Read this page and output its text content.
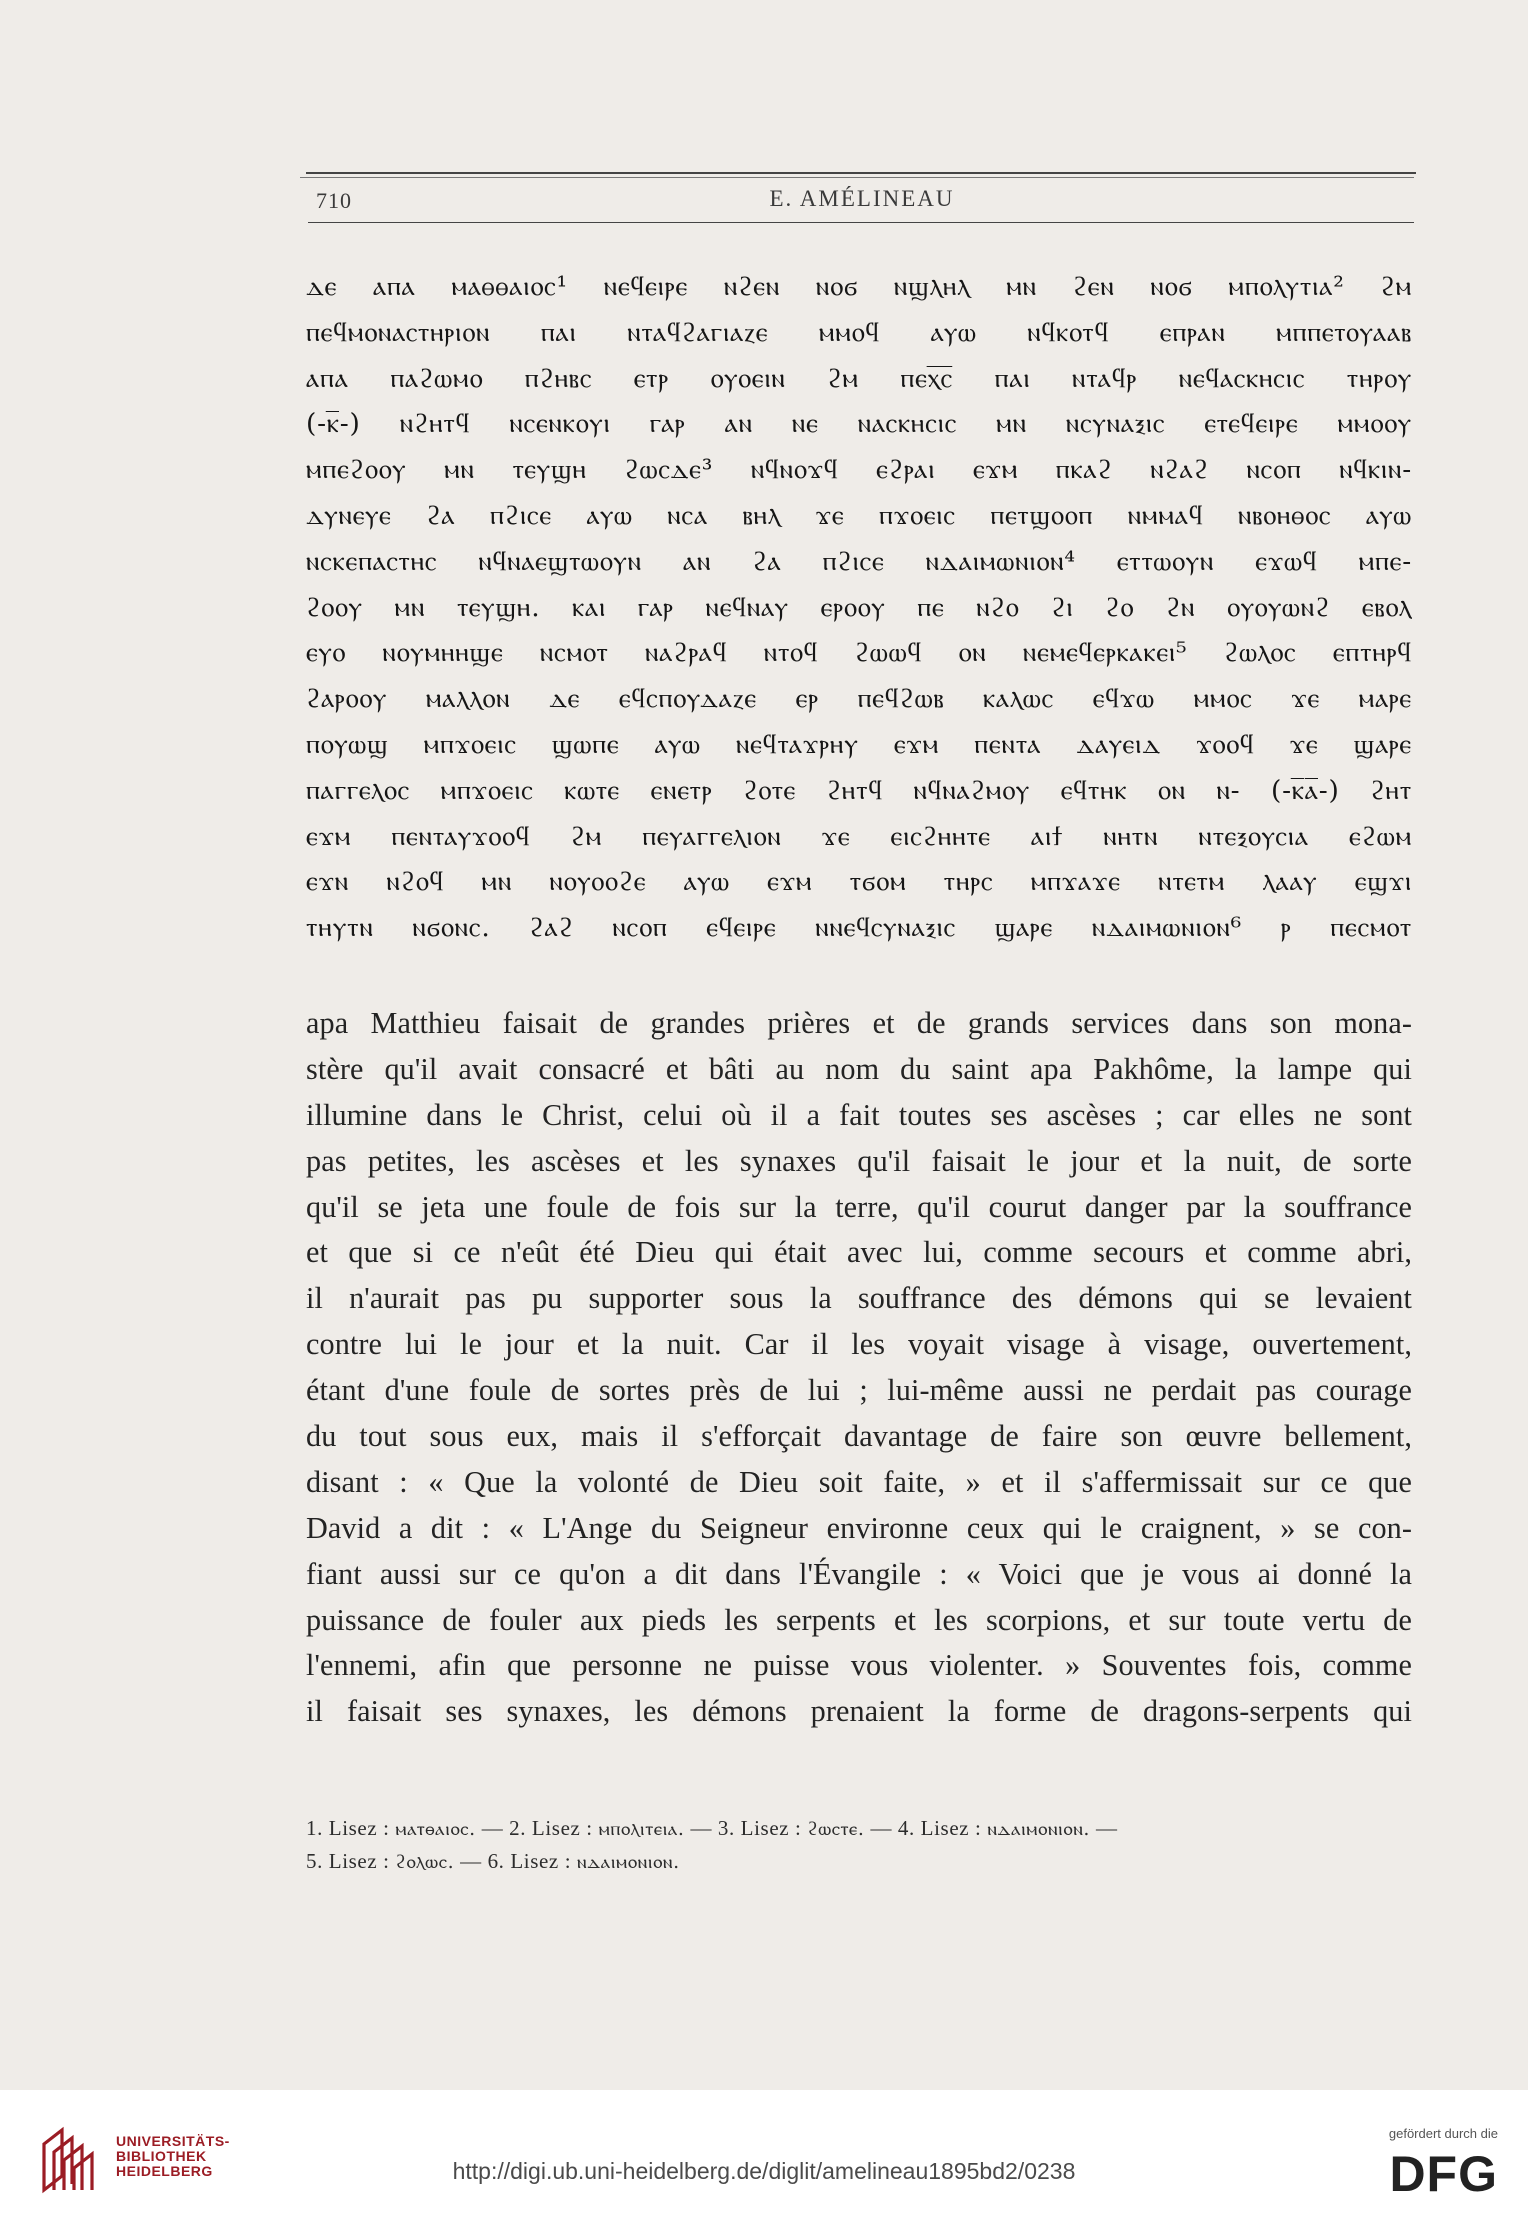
710	E. AMÉLINEAU
ⲇⲉ ⲁⲡⲁ ⲙⲁⲑⲑⲁⲓⲟⲥ¹ ⲛⲉϥⲉⲓⲣⲉ ⲛϩⲉⲛ ⲛⲟϭ ⲛϣⲗⲏⲗ ⲙⲛ ϩⲉⲛ ⲛⲟϭ ⲙⲡⲟⲗⲩⲧⲓⲁ² ϩⲙ
ⲡⲉϥⲙⲟⲛⲁⲥⲧⲏⲣⲓⲟⲛ ⲡⲁⲓ ⲛⲧⲁϥϩⲁⲅⲓⲁⲍⲉ ⲙⲙⲟϥ ⲁⲩⲱ ⲛϥⲕⲟⲧϥ ⲉⲡⲣⲁⲛ ⲙⲡⲡⲉⲧⲟⲩⲁⲁⲃ
ⲁⲡⲁ ⲡⲁϩⲱⲙⲟ ⲡϩⲏⲃⲥ ⲉⲧⲣ ⲟⲩⲟⲉⲓⲛ ϩⲙ ⲡⲉⲭ̅ⲥ̅ ⲡⲁⲓ ⲛⲧⲁϥⲣ ⲛⲉϥⲁⲥⲕⲏⲥⲓⲥ ⲧⲏⲣⲟⲩ
(-ⲕ̅-) ⲛϩⲏⲧϥ ⲛⲥⲉⲛⲕⲟⲩⲓ ⲅⲁⲣ ⲁⲛ ⲛⲉ ⲛⲁⲥⲕⲏⲥⲓⲥ ⲙⲛ ⲛⲥⲩⲛⲁⲝⲓⲥ ⲉⲧⲉϥⲉⲓⲣⲉ ⲙⲙⲟⲟⲩ
ⲙⲡⲉϩⲟⲟⲩ ⲙⲛ ⲧⲉⲩϣⲏ ϩⲱⲥⲇⲉ³ ⲛϥⲛⲟϫϥ ⲉϩⲣⲁⲓ ⲉϫⲙ ⲡⲕⲁϩ ⲛϩⲁϩ ⲛⲥⲟⲡ ⲛϥⲕⲓⲛ-
ⲇⲩⲛⲉⲩⲉ ϩⲁ ⲡϩⲓⲥⲉ ⲁⲩⲱ ⲛⲥⲁ ⲃⲏⲗ ϫⲉ ⲡϫⲟⲉⲓⲥ ⲡⲉⲧϣⲟⲟⲡ ⲛⲙⲙⲁϥ ⲛⲃⲟⲏⲑⲟⲥ ⲁⲩⲱ
ⲛⲥⲕⲉⲡⲁⲥⲧⲏⲥ ⲛϥⲛⲁⲉϣⲧⲱⲟⲩⲛ ⲁⲛ ϩⲁ ⲡϩⲓⲥⲉ ⲛⲇⲁⲓⲙⲱⲛⲓⲟⲛ⁴ ⲉⲧⲧⲱⲟⲩⲛ ⲉϫⲱϥ ⲙⲡⲉ-
ϩⲟⲟⲩ ⲙⲛ ⲧⲉⲩϣⲏ. ⲕⲁⲓ ⲅⲁⲣ ⲛⲉϥⲛⲁⲩ ⲉⲣⲟⲟⲩ ⲡⲉ ⲛϩⲟ ϩⲓ ϩⲟ ϩⲛ ⲟⲩⲟⲩⲱⲛϩ ⲉⲃⲟⲗ
ⲉⲩⲟ ⲛⲟⲩⲙⲏⲏϣⲉ ⲛⲥⲙⲟⲧ ⲛⲁϩⲣⲁϥ ⲛⲧⲟϥ ϩⲱⲱϥ ⲟⲛ ⲛⲉⲙⲉϥⲉⲣⲕⲁⲕⲉⲓ⁵ ϩⲱⲗⲟⲥ ⲉⲡⲧⲏⲣϥ
ϩⲁⲣⲟⲟⲩ ⲙⲁⲗⲗⲟⲛ ⲇⲉ ⲉϥⲥⲡⲟⲩⲇⲁⲍⲉ ⲉⲣ ⲡⲉϥϩⲱⲃ ⲕⲁⲗⲱⲥ ⲉϥϫⲱ ⲙⲙⲟⲥ ϫⲉ ⲙⲁⲣⲉ
ⲡⲟⲩⲱϣ ⲙⲡϫⲟⲉⲓⲥ ϣⲱⲡⲉ ⲁⲩⲱ ⲛⲉϥⲧⲁϫⲣⲏⲩ ⲉϫⲙ ⲡⲉⲛⲧⲁ ⲇⲁⲩⲉⲓⲇ ϫⲟⲟϥ ϫⲉ ϣⲁⲣⲉ
ⲡⲁⲅⲅⲉⲗⲟⲥ ⲙⲡϫⲟⲉⲓⲥ ⲕⲱⲧⲉ ⲉⲛⲉⲧⲣ ϩⲟⲧⲉ ϩⲏⲧϥ ⲛϥⲛⲁϩⲙⲟⲩ ⲉϥⲧⲏⲕ ⲟⲛ ⲛ- (-ⲕ̅ⲁ̅-) ϩⲏⲧ
ⲉϫⲙ ⲡⲉⲛⲧⲁⲩϫⲟⲟϥ ϩⲙ ⲡⲉⲩⲁⲅⲅⲉⲗⲓⲟⲛ ϫⲉ ⲉⲓⲥϩⲏⲏⲧⲉ ⲁⲓϯ ⲛⲏⲧⲛ ⲛⲧⲉⲝⲟⲩⲥⲓⲁ ⲉϩⲱⲙ
ⲉϫⲛ ⲛϩⲟϥ ⲙⲛ ⲛⲟⲩⲟⲟϩⲉ ⲁⲩⲱ ⲉϫⲙ ⲧϭⲟⲙ ⲧⲏⲣⲥ ⲙⲡϫⲁϫⲉ ⲛⲧⲉⲧⲙ ⲗⲁⲁⲩ ⲉϣϫⲓ
ⲧⲏⲩⲧⲛ ⲛϭⲟⲛⲥ. ϩⲁϩ ⲛⲥⲟⲡ ⲉϥⲉⲓⲣⲉ ⲛⲛⲉϥⲥⲩⲛⲁⲝⲓⲥ ϣⲁⲣⲉ ⲛⲇⲁⲓⲙⲱⲛⲓⲟⲛ⁶ ⲣ ⲡⲉⲥⲙⲟⲧ
apa Matthieu faisait de grandes prières et de grands services dans son mona-
stère qu'il avait consacré et bâti au nom du saint apa Pakhôme, la lampe qui
illumine dans le Christ, celui où il a fait toutes ses ascèses ; car elles ne sont
pas petites, les ascèses et les synaxes qu'il faisait le jour et la nuit, de sorte
qu'il se jeta une foule de fois sur la terre, qu'il courut danger par la souffrance
et que si ce n'eût été Dieu qui était avec lui, comme secours et comme abri,
il n'aurait pas pu supporter sous la souffrance des démons qui se levaient
contre lui le jour et la nuit. Car il les voyait visage à visage, ouvertement,
étant d'une foule de sortes près de lui ; lui-même aussi ne perdait pas courage
du tout sous eux, mais il s'efforçait davantage de faire son œuvre bellement,
disant : « Que la volonté de Dieu soit faite, » et il s'affermissait sur ce que
David a dit : « L'Ange du Seigneur environne ceux qui le craignent, » se con-
fiant aussi sur ce qu'on a dit dans l'Évangile : « Voici que je vous ai donné la
puissance de fouler aux pieds les serpents et les scorpions, et sur toute vertu de
l'ennemi, afin que personne ne puisse vous violenter. » Souventes fois, comme
il faisait ses synaxes, les démons prenaient la forme de dragons-serpents qui
1. Lisez : ⲙⲁⲧⲑⲁⲓⲟⲥ. — 2. Lisez : ⲙⲡⲟⲗⲓⲧⲉⲓⲁ. — 3. Lisez : ϩⲱⲥⲧⲉ. — 4. Lisez : ⲛⲇⲁⲓⲙⲟⲛⲓⲟⲛ. —
5. Lisez : ϩⲟⲗⲱⲥ. — 6. Lisez : ⲛⲇⲁⲓⲙⲟⲛⲓⲟⲛ.
UNIVERSITÄTS-
BIBLIOTHEK
HEIDELBERG	http://digi.ub.uni-heidelberg.de/diglit/amelineau1895bd2/0238
gefördert durch die
DFG
